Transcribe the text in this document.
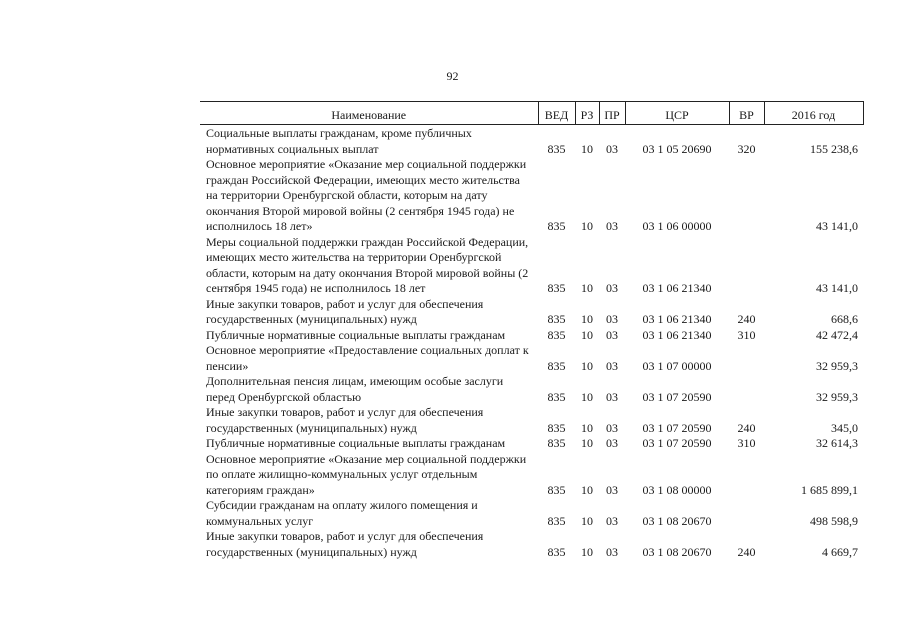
92
Наименование	ВЕД	РЗ	ПР	ЦСР	ВР	2016 год
Социальные выплаты гражданам, кроме публичных нормативных социальных выплат	835	10	03	03 1 05 20690	320	155 238,6
Основное мероприятие «Оказание мер социальной поддержки граждан Российской Федерации, имеющих место жительства на территории Оренбургской области, которым на дату окончания Второй мировой войны (2 сентября 1945 года) не исполнилось 18 лет»	835	10	03	03 1 06 00000		43 141,0
Меры социальной поддержки граждан Российской Федерации, имеющих место жительства на территории Оренбургской области, которым на дату окончания Второй мировой войны (2 сентября 1945 года) не исполнилось 18 лет	835	10	03	03 1 06 21340		43 141,0
Иные закупки товаров, работ и услуг для обеспечения государственных (муниципальных) нужд	835	10	03	03 1 06 21340	240	668,6
Публичные нормативные социальные выплаты гражданам	835	10	03	03 1 06 21340	310	42 472,4
Основное мероприятие «Предоставление социальных доплат к пенсии»	835	10	03	03 1 07 00000		32 959,3
Дополнительная пенсия лицам, имеющим особые заслуги перед Оренбургской областью	835	10	03	03 1 07 20590		32 959,3
Иные закупки товаров, работ и услуг для обеспечения государственных (муниципальных) нужд	835	10	03	03 1 07 20590	240	345,0
Публичные нормативные социальные выплаты гражданам	835	10	03	03 1 07 20590	310	32 614,3
Основное мероприятие «Оказание мер социальной поддержки по оплате жилищно-коммунальных услуг отдельным категориям граждан»	835	10	03	03 1 08 00000		1 685 899,1
Субсидии гражданам на оплату жилого помещения и коммунальных услуг	835	10	03	03 1 08 20670		498 598,9
Иные закупки товаров, работ и услуг для обеспечения государственных (муниципальных) нужд	835	10	03	03 1 08 20670	240	4 669,7
